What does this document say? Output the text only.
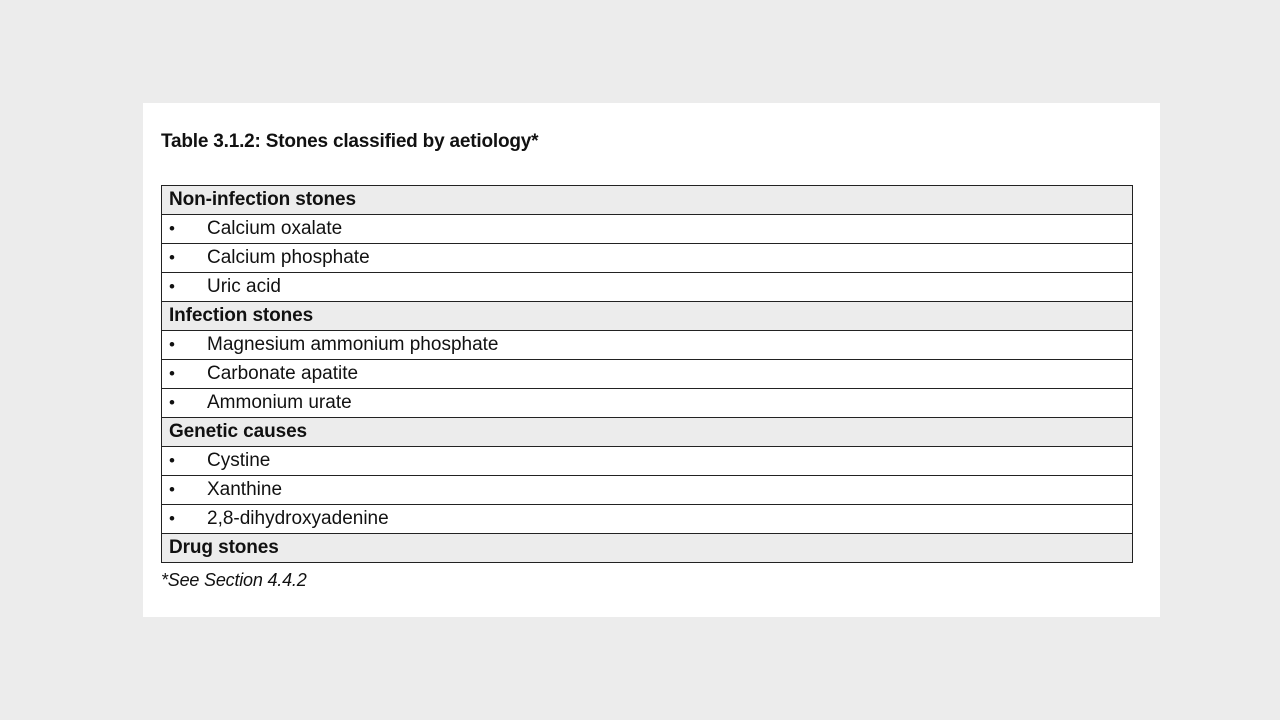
Table 3.1.2: Stones classified by aetiology*
Non-infection stones
• Calcium oxalate
• Calcium phosphate
• Uric acid
Infection stones
• Magnesium ammonium phosphate
• Carbonate apatite
• Ammonium urate
Genetic causes
• Cystine
• Xanthine
• 2,8-dihydroxyadenine
Drug stones
*See Section 4.4.2
